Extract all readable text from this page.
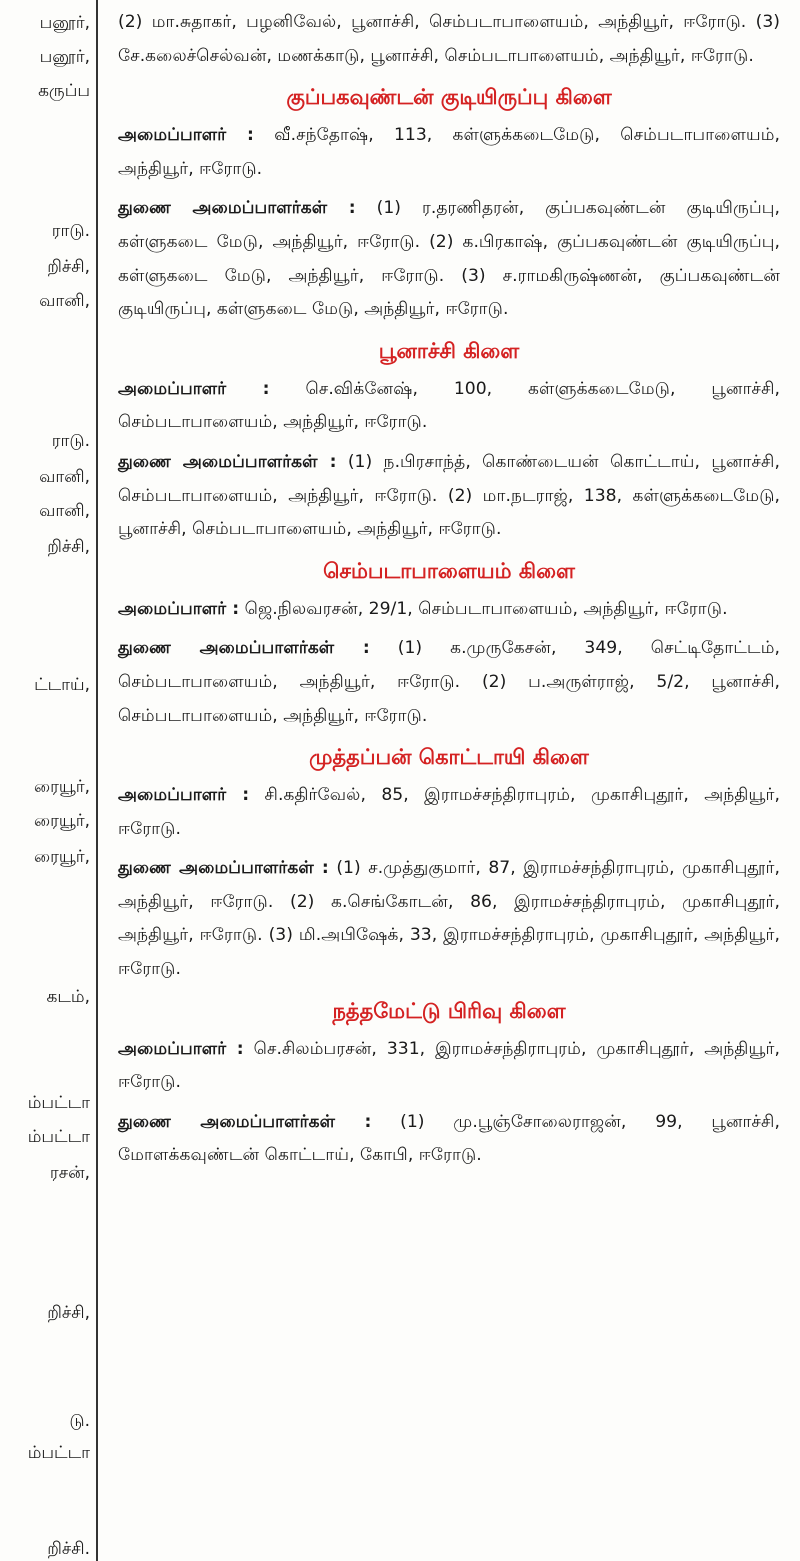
பனூர்,
பனூர்,
கருப்ப
ராடு.
றிச்சி,
வானி,
ராடு.
வானி,
வானி,
றிச்சி,
ட்டாய்,
ரையூர்,
ரையூர்,
ரையூர்,
கடம்,
ம்பட்டா
ம்பட்டா
ரசன்,
றிச்சி,
டு.
ம்பட்டா
றிச்சி.

(2) மா.சுதாகர், பழனிவேல், பூனாச்சி, செம்படாபாளையம், அந்தியூர், ஈரோடு. (3) சே.கலைச்செல்வன், மணக்காடு, பூனாச்சி, செம்படாபாளையம், அந்தியூர், ஈரோடு.

குப்பகவுண்டன் குடியிருப்பு கிளை

அமைப்பாளர் : வீ.சந்தோஷ், 113, கள்ளுக்கடைமேடு, செம்படாபாளையம், அந்தியூர், ஈரோடு.

துணை அமைப்பாளர்கள் : (1) ர.தரணிதரன், குப்பகவுண்டன் குடியிருப்பு, கள்ளுகடை மேடு, அந்தியூர், ஈரோடு. (2) க.பிரகாஷ், குப்பகவுண்டன் குடியிருப்பு, கள்ளுகடை மேடு, அந்தியூர், ஈரோடு. (3) ச.ராமகிருஷ்ணன், குப்பகவுண்டன் குடியிருப்பு, கள்ளுகடை மேடு, அந்தியூர், ஈரோடு.

பூனாச்சி கிளை

அமைப்பாளர் : செ.விக்னேஷ், 100, கள்ளுக்கடைமேடு, பூனாச்சி, செம்படாபாளையம், அந்தியூர், ஈரோடு.

துணை அமைப்பாளர்கள் : (1) ந.பிரசாந்த், கொண்டையன் கொட்டாய், பூனாச்சி, செம்படாபாளையம், அந்தியூர், ஈரோடு. (2) மா.நடராஜ், 138, கள்ளுக்கடைமேடு, பூனாச்சி, செம்படாபாளையம், அந்தியூர், ஈரோடு.

செம்படாபாளையம் கிளை

அமைப்பாளர் : ஜெ.நிலவரசன், 29/1, செம்படாபாளையம், அந்தியூர், ஈரோடு.

துணை அமைப்பாளர்கள் : (1) க.முருகேசன், 349, செட்டிதோட்டம், செம்படாபாளையம், அந்தியூர், ஈரோடு. (2) ப.அருள்ராஜ், 5/2, பூனாச்சி, செம்படாபாளையம், அந்தியூர், ஈரோடு.

முத்தப்பன் கொட்டாயி கிளை

அமைப்பாளர் : சி.கதிர்வேல், 85, இராமச்சந்திராபுரம், முகாசிபுதூர், அந்தியூர், ஈரோடு.

துணை அமைப்பாளர்கள் : (1) ச.முத்துகுமார், 87, இராமச்சந்திராபுரம், முகாசிபுதூர், அந்தியூர், ஈரோடு. (2) க.செங்கோடன், 86, இராமச்சந்திராபுரம், முகாசிபுதூர், அந்தியூர், ஈரோடு. (3) மி.அபிஷேக், 33, இராமச்சந்திராபுரம், முகாசிபுதூர், அந்தியூர், ஈரோடு.

நத்தமேட்டு பிரிவு கிளை

அமைப்பாளர் : செ.சிலம்பரசன், 331, இராமச்சந்திராபுரம், முகாசிபுதூர், அந்தியூர், ஈரோடு.

துணை அமைப்பாளர்கள் : (1) மு.பூஞ்சோலைராஜன், 99, பூனாச்சி, மோளக்கவுண்டன் கொட்டாய், கோபி, ஈரோடு.
